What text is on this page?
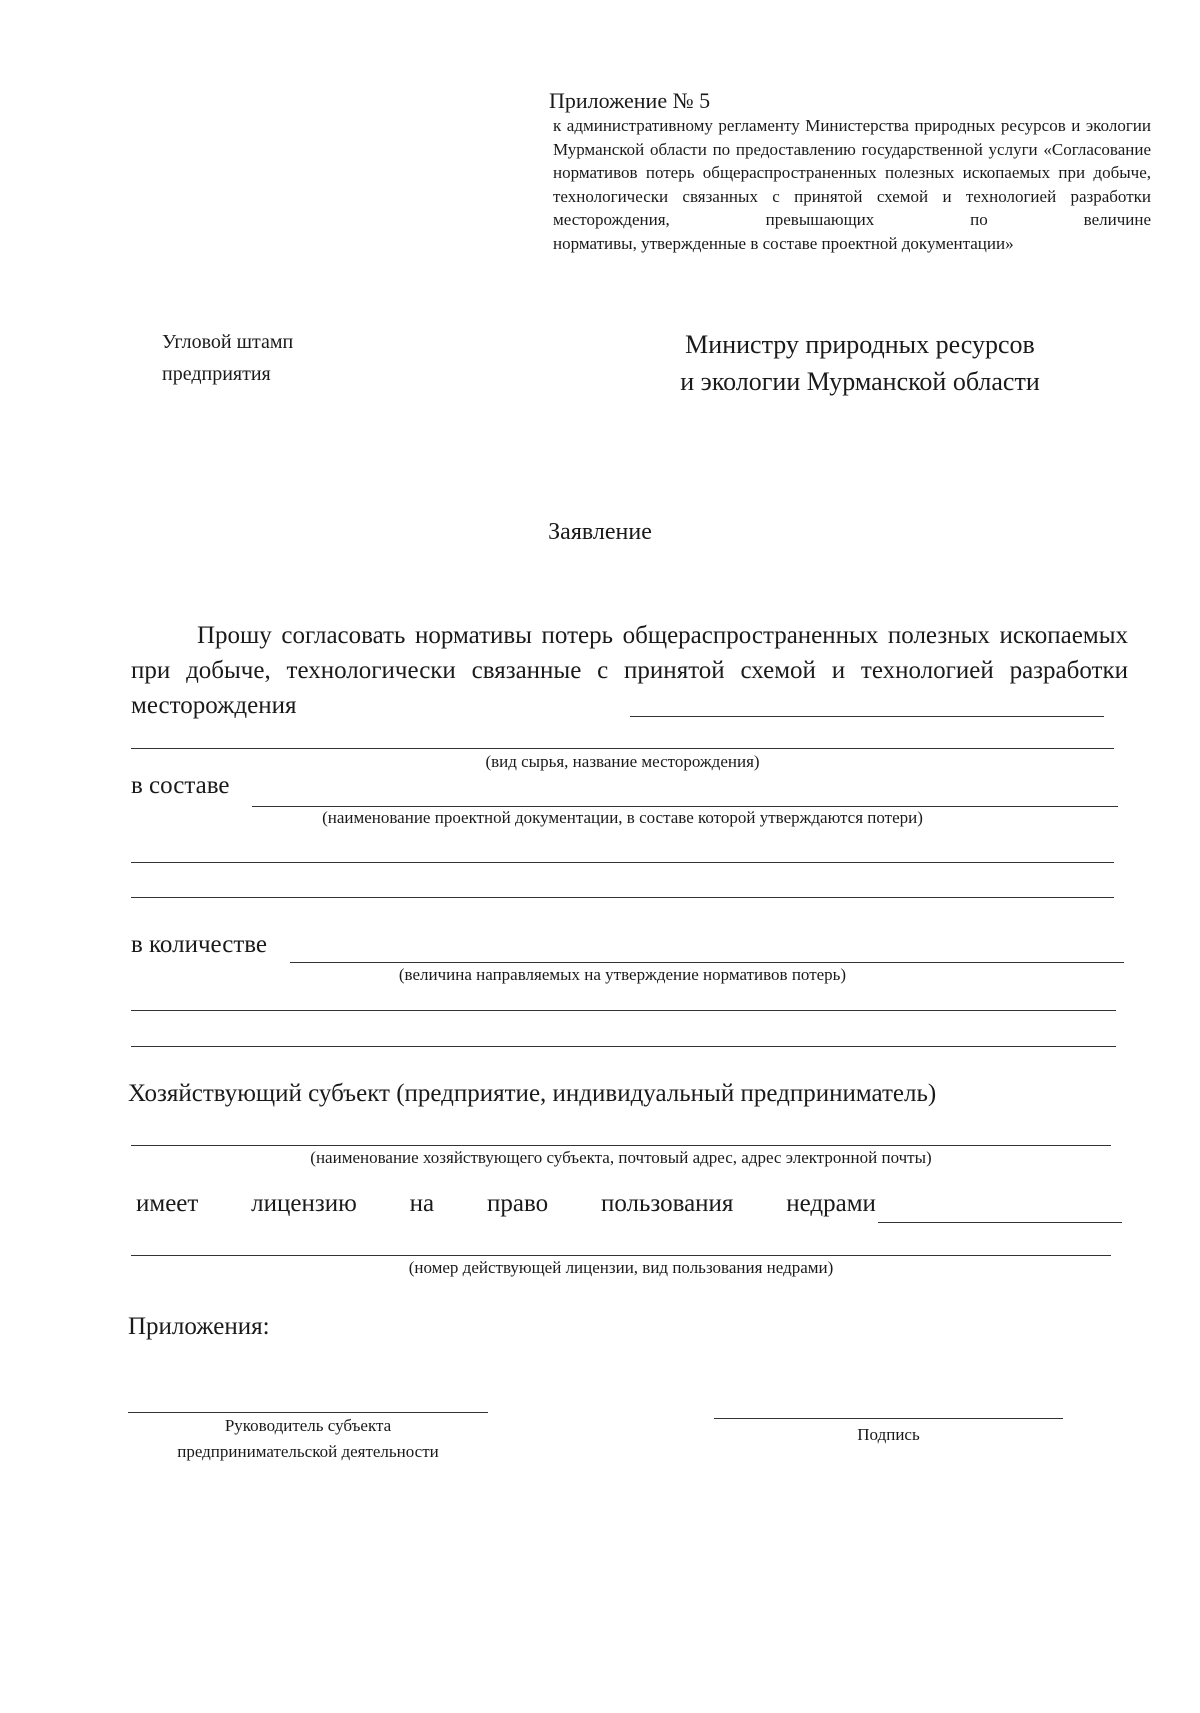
Приложение № 5
к административному регламенту Министерства природных ресурсов и экологии Мурманской области по предоставлению государственной услуги «Согласование нормативов потерь общераспространенных полезных ископаемых при добыче, технологически связанных с принятой схемой и технологией разработки месторождения, превышающих по величине
нормативы, утвержденные в составе проектной документации»
Угловой штамп
предприятия
Министру природных ресурсов
и экологии Мурманской области
Заявление
Прошу согласовать нормативы потерь общераспространенных полезных ископаемых при добыче, технологически связанные с принятой схемой и технологией разработки месторождения
(вид сырья, название месторождения)
в составе
(наименование проектной документации, в составе которой утверждаются потери)
в количестве
(величина направляемых на утверждение нормативов потерь)
Хозяйствующий субъект (предприятие, индивидуальный предприниматель)
(наименование хозяйствующего субъекта, почтовый адрес, адрес электронной почты)
имеет лицензию на право пользования недрами
(номер действующей лицензии, вид пользования недрами)
Приложения:
Руководитель субъекта
предпринимательской деятельности
Подпись
